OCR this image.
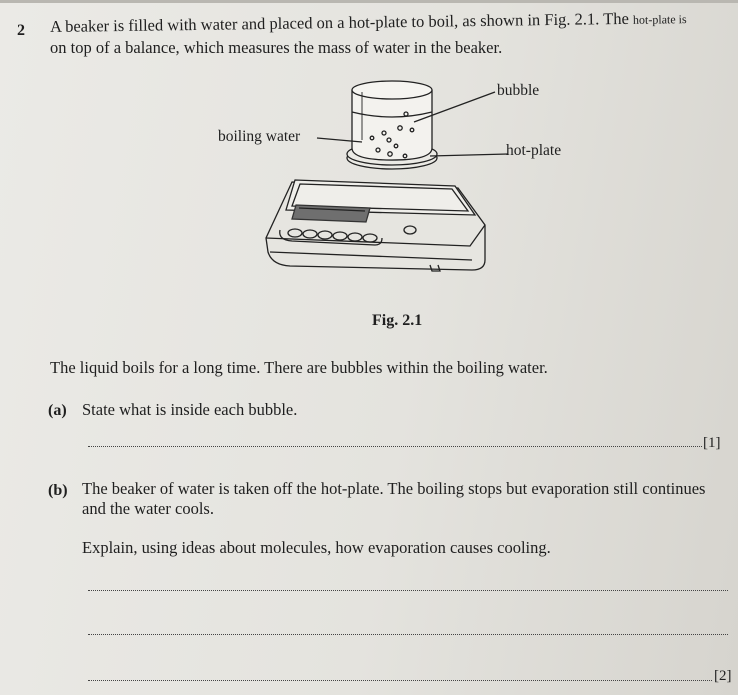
2 A beaker is filled with water and placed on a hot-plate to boil, as shown in Fig. 2.1. The hot-plate is
on top of a balance, which measures the mass of water in the beaker.
bubble
boiling water
hot-plate
Fig. 2.1
The liquid boils for a long time. There are bubbles within the boiling water.
(a) State what is inside each bubble.
[1]
(b) The beaker of water is taken off the hot-plate. The boiling stops but evaporation still continues
and the water cools.
Explain, using ideas about molecules, how evaporation causes cooling.
[2]
